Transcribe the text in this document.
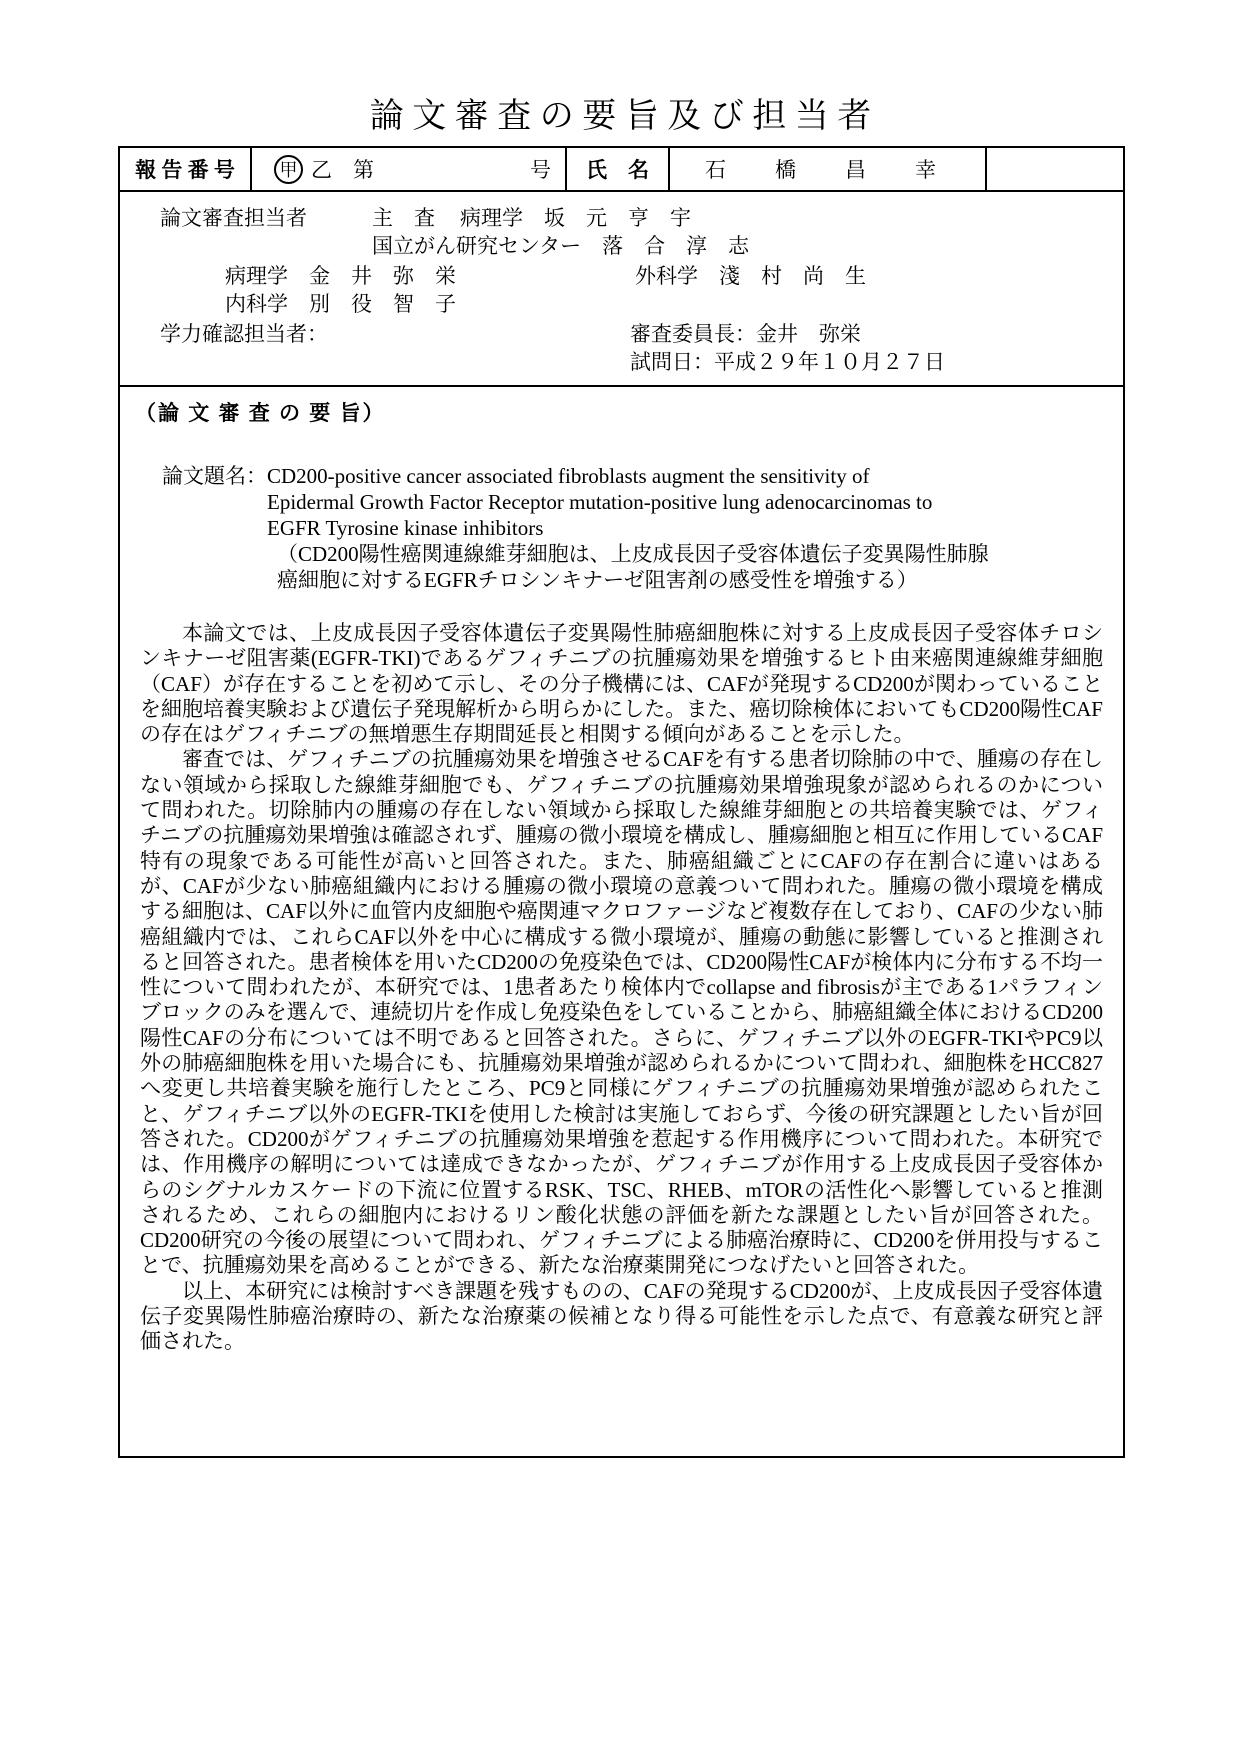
論 文 審 査 の 要 旨 及 び 担 当 者
報 告 番 号	甲 乙　第	号	氏　名	石　橋　昌　幸
論文審査担当者	主　査 病理学　坂　元　亨　宇
国立がん研究センター　落　合　淳　志
病理学　金　井　弥　栄	外科学　淺　村　尚　生
内科学　別　役　智　子
学力確認担当者：	審査委員長：金井　弥栄
試問日：平成２９年１０月２７日
（論 文 審 査 の 要 旨）
論文題名： CD200-positive cancer associated fibroblasts augment the sensitivity of
Epidermal Growth Factor Receptor mutation-positive lung adenocarcinomas to
EGFR Tyrosine kinase inhibitors
（CD200陽性癌関連線維芽細胞は、上皮成長因子受容体遺伝子変異陽性肺腺
癌細胞に対するEGFRチロシンキナーゼ阻害剤の感受性を増強する）

本論文では、上皮成長因子受容体遺伝子変異陽性肺癌細胞株に対する上皮成長因子受容体チロシンキナーゼ阻害薬(EGFR-TKI)であるゲフィチニブの抗腫瘍効果を増強するヒト由来癌関連線維芽細胞（CAF）が存在することを初めて示し、その分子機構には、CAFが発現するCD200が関わっていることを細胞培養実験および遺伝子発現解析から明らかにした。また、癌切除検体においてもCD200陽性CAFの存在はゲフィチニブの無増悪生存期間延長と相関する傾向があることを示した。

審査では、ゲフィチニブの抗腫瘍効果を増強させるCAFを有する患者切除肺の中で、腫瘍の存在しない領域から採取した線維芽細胞でも、ゲフィチニブの抗腫瘍効果増強現象が認められるのかについて問われた。切除肺内の腫瘍の存在しない領域から採取した線維芽細胞との共培養実験では、ゲフィチニブの抗腫瘍効果増強は確認されず、腫瘍の微小環境を構成し、腫瘍細胞と相互に作用しているCAF特有の現象である可能性が高いと回答された。また、肺癌組織ごとにCAFの存在割合に違いはあるが、CAFが少ない肺癌組織内における腫瘍の微小環境の意義ついて問われた。腫瘍の微小環境を構成する細胞は、CAF以外に血管内皮細胞や癌関連マクロファージなど複数存在しており、CAFの少ない肺癌組織内では、これらCAF以外を中心に構成する微小環境が、腫瘍の動態に影響していると推測されると回答された。患者検体を用いたCD200の免疫染色では、CD200陽性CAFが検体内に分布する不均一性について問われたが、本研究では、1患者あたり検体内でcollapse and fibrosisが主である1パラフィンブロックのみを選んで、連続切片を作成し免疫染色をしていることから、肺癌組織全体におけるCD200陽性CAFの分布については不明であると回答された。さらに、ゲフィチニブ以外のEGFR-TKIやPC9以外の肺癌細胞株を用いた場合にも、抗腫瘍効果増強が認められるかについて問われ、細胞株をHCC827へ変更し共培養実験を施行したところ、PC9と同様にゲフィチニブの抗腫瘍効果増強が認められたこと、ゲフィチニブ以外のEGFR-TKIを使用した検討は実施しておらず、今後の研究課題としたい旨が回答された。CD200がゲフィチニブの抗腫瘍効果増強を惹起する作用機序について問われた。本研究では、作用機序の解明については達成できなかったが、ゲフィチニブが作用する上皮成長因子受容体からのシグナルカスケードの下流に位置するRSK、TSC、RHEB、mTORの活性化へ影響していると推測されるため、これらの細胞内におけるリン酸化状態の評価を新たな課題としたい旨が回答された。CD200研究の今後の展望について問われ、ゲフィチニブによる肺癌治療時に、CD200を併用投与することで、抗腫瘍効果を高めることができる、新たな治療薬開発につなげたいと回答された。

以上、本研究には検討すべき課題を残すものの、CAFの発現するCD200が、上皮成長因子受容体遺伝子変異陽性肺癌治療時の、新たな治療薬の候補となり得る可能性を示した点で、有意義な研究と評価された。
